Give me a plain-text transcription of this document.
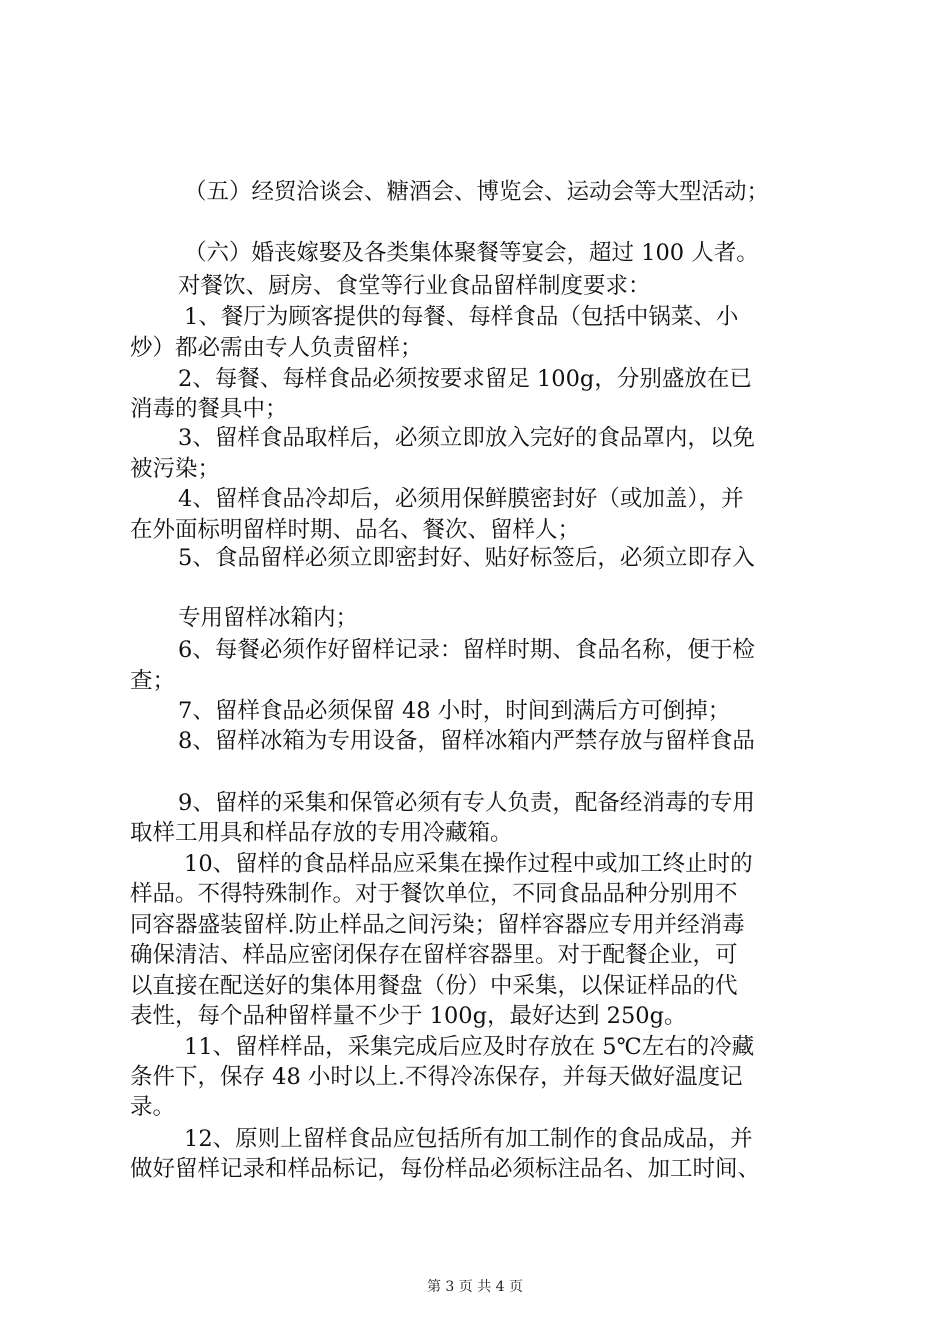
（五）经贸洽谈会、糖酒会、博览会、运动会等大型活动；
（六）婚丧嫁娶及各类集体聚餐等宴会，超过 100 人者。
对餐饮、厨房、食堂等行业食品留样制度要求：
1、餐厅为顾客提供的每餐、每样食品（包括中锅菜、小
炒）都必需由专人负责留样；
2、每餐、每样食品必须按要求留足 100g，分别盛放在已
消毒的餐具中；
3、留样食品取样后，必须立即放入完好的食品罩内，以免
被污染；
4、留样食品冷却后，必须用保鲜膜密封好（或加盖），并
在外面标明留样时期、品名、餐次、留样人；
5、食品留样必须立即密封好、贴好标签后，必须立即存入
专用留样冰箱内；
6、每餐必须作好留样记录：留样时期、食品名称，便于检
查；
7、留样食品必须保留 48 小时，时间到满后方可倒掉；
8、留样冰箱为专用设备，留样冰箱内严禁存放与留样食品
9、留样的采集和保管必须有专人负责，配备经消毒的专用
取样工用具和样品存放的专用冷藏箱。
10、留样的食品样品应采集在操作过程中或加工终止时的
样品。不得特殊制作。对于餐饮单位，不同食品品种分别用不
同容器盛装留样.防止样品之间污染；留样容器应专用并经消毒
确保清洁、样品应密闭保存在留样容器里。对于配餐企业，可
以直接在配送好的集体用餐盘（份）中采集，以保证样品的代
表性，每个品种留样量不少于 100g，最好达到 250g。
11、留样样品，采集完成后应及时存放在 5℃左右的冷藏
条件下，保存 48 小时以上.不得冷冻保存，并每天做好温度记
录。
12、原则上留样食品应包括所有加工制作的食品成品，并
做好留样记录和样品标记，每份样品必须标注品名、加工时间、
第 3 页 共 4 页
